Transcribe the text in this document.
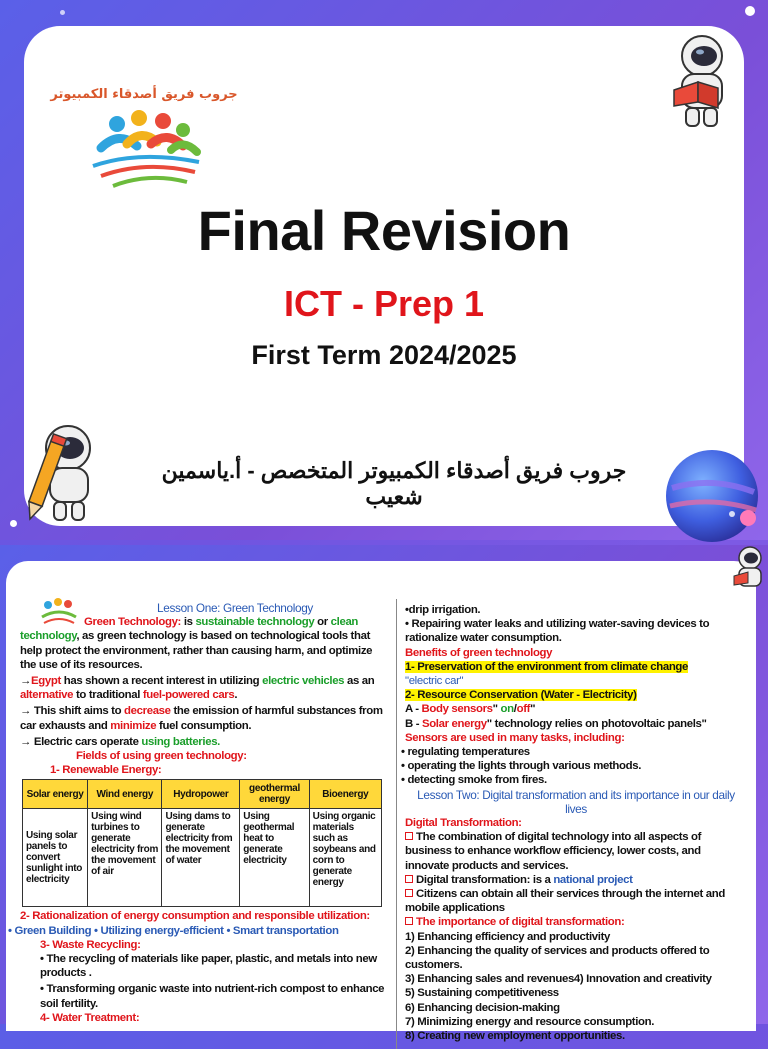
جروب فريق أصدقاء الكمبيوتر
Final Revision
ICT - Prep 1
First Term 2024/2025
جروب فريق أصدقاء الكمبيوتر المتخصص - أ.ياسمين شعيب

Lesson One: Green Technology

Green Technology: is sustainable technology or clean technology, as green technology is based on technological tools that help protect the environment, rather than causing harm, and optimize the use of its resources.

→Egypt has shown a recent interest in utilizing electric vehicles as an alternative to traditional fuel-powered cars.

→ This shift aims to decrease the emission of harmful substances from car exhausts and minimize fuel consumption.

→ Electric cars operate using batteries.

Fields of using green technology:

1- Renewable Energy:

Solar energy	Wind energy	Hydropower	geothermal energy	Bioenergy
Using solar panels to convert sunlight into electricity	Using wind turbines to generate electricity from the movement of air	Using dams to generate electricity from the movement of water	Using geothermal heat to generate electricity	Using organic materials such as soybeans and corn to generate energy

2- Rationalization of energy consumption and responsible utilization:

• Green Building • Utilizing energy-efficient • Smart transportation

3- Waste Recycling:

• The recycling of materials like paper, plastic, and metals into new products .

• Transforming organic waste into nutrient-rich compost to enhance soil fertility.

4- Water Treatment:

•drip irrigation.

• Repairing water leaks and utilizing water-saving devices to rationalize water consumption.

Benefits of green technology

1- Preservation of the environment from climate change

"electric car"

2- Resource Conservation (Water - Electricity)

A - Body sensors" on/off"

B - Solar energy" technology relies on photovoltaic panels"

Sensors are used in many tasks, including:

• regulating temperatures

• operating the lights through various methods.

• detecting smoke from fires.

Lesson Two: Digital transformation and its importance in our daily lives

Digital Transformation:

The combination of digital technology into all aspects of business to enhance workflow efficiency, lower costs, and innovate products and services.

Digital transformation: is a national project

Citizens can obtain all their services through the internet and mobile applications

The importance of digital transformation:

1) Enhancing efficiency and productivity

2) Enhancing the quality of services and products offered to customers.

3) Enhancing sales and revenues4) Innovation and creativity

5) Sustaining competitiveness

6) Enhancing decision-making

7) Minimizing energy and resource consumption.

8) Creating new employment opportunities.
